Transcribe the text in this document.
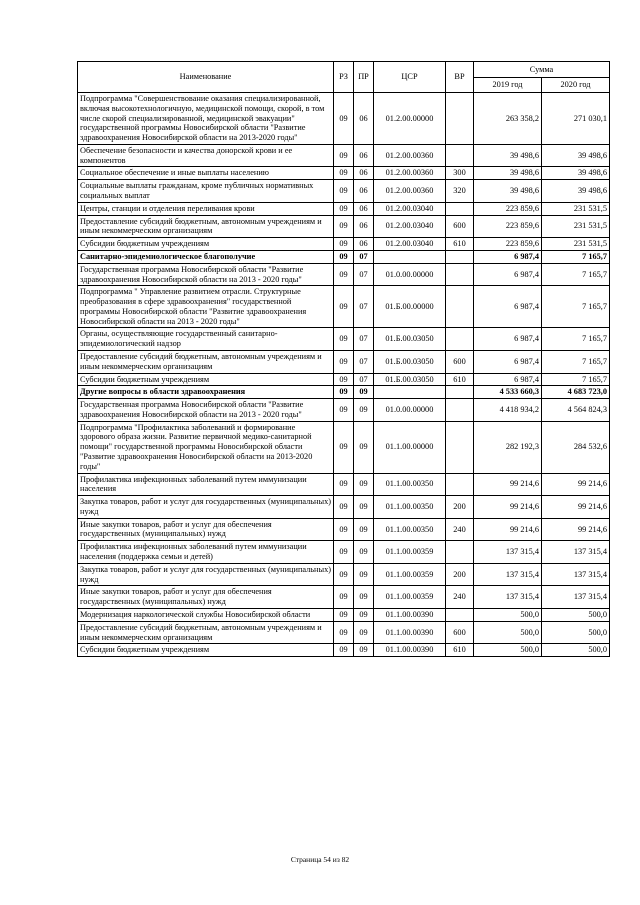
Наименование	РЗ	ПР	ЦСР	ВР	Сумма	
					2019 год	2020 год
Подпрограмма "Совершенствование оказания специализированной, включая высокотехнологичную, медицинской помощи, скорой, в том числе скорой специализированной, медицинской эвакуации" государственной программы Новосибирской области "Развитие здравоохранения Новосибирской области на 2013-2020 годы"	09	06	01.2.00.00000		263 358,2	271 030,1
Обеспечение безопасности и качества донорской крови и ее компонентов	09	06	01.2.00.00360		39 498,6	39 498,6
Социальное обеспечение и иные выплаты населению	09	06	01.2.00.00360	300	39 498,6	39 498,6
Социальные выплаты гражданам, кроме публичных нормативных социальных выплат	09	06	01.2.00.00360	320	39 498,6	39 498,6
Центры, станции и отделения переливания крови	09	06	01.2.00.03040		223 859,6	231 531,5
Предоставление субсидий бюджетным, автономным учреждениям и иным некоммерческим организациям	09	06	01.2.00.03040	600	223 859,6	231 531,5
Субсидии бюджетным учреждениям	09	06	01.2.00.03040	610	223 859,6	231 531,5
Санитарно-эпидемиологическое благополучие	09	07			6 987,4	7 165,7
Государственная программа Новосибирской области "Развитие здравоохранения Новосибирской области на 2013 - 2020 годы"	09	07	01.0.00.00000		6 987,4	7 165,7
Подпрограмма " Управление развитием отрасли. Структурные преобразования в сфере здравоохранения" государственной программы Новосибирской области "Развитие здравоохранения Новосибирской области на 2013 - 2020 годы"	09	07	01.Б.00.00000		6 987,4	7 165,7
Органы, осуществляющие государственный санитарно-эпидемиологический надзор	09	07	01.Б.00.03050		6 987,4	7 165,7
Предоставление субсидий бюджетным, автономным учреждениям и иным некоммерческим организациям	09	07	01.Б.00.03050	600	6 987,4	7 165,7
Субсидии бюджетным учреждениям	09	07	01.Б.00.03050	610	6 987,4	7 165,7
Другие вопросы в области здравоохранения	09	09			4 533 660,3	4 683 723,0
Государственная программа Новосибирской области "Развитие здравоохранения Новосибирской области на 2013 - 2020 годы"	09	09	01.0.00.00000		4 418 934,2	4 564 824,3
Подпрограмма "Профилактика заболеваний и формирование здорового образа жизни. Развитие первичной медико-санитарной помощи" государственной программы Новосибирской области "Развитие здравоохранения Новосибирской области на 2013-2020 годы"	09	09	01.1.00.00000		282 192,3	284 532,6
Профилактика инфекционных заболеваний путем иммунизации населения	09	09	01.1.00.00350		99 214,6	99 214,6
Закупка товаров, работ и услуг для государственных (муниципальных) нужд	09	09	01.1.00.00350	200	99 214,6	99 214,6
Иные закупки товаров, работ и услуг для обеспечения государственных (муниципальных) нужд	09	09	01.1.00.00350	240	99 214,6	99 214,6
Профилактика инфекционных заболеваний путем иммунизации населения (поддержка семьи и детей)	09	09	01.1.00.00359		137 315,4	137 315,4
Закупка товаров, работ и услуг для государственных (муниципальных) нужд	09	09	01.1.00.00359	200	137 315,4	137 315,4
Иные закупки товаров, работ и услуг для обеспечения государственных (муниципальных) нужд	09	09	01.1.00.00359	240	137 315,4	137 315,4
Модернизация наркологической службы Новосибирской области	09	09	01.1.00.00390		500,0	500,0
Предоставление субсидий бюджетным, автономным учреждениям и иным некоммерческим организациям	09	09	01.1.00.00390	600	500,0	500,0
Субсидии бюджетным учреждениям	09	09	01.1.00.00390	610	500,0	500,0
Страница 54 из 82
